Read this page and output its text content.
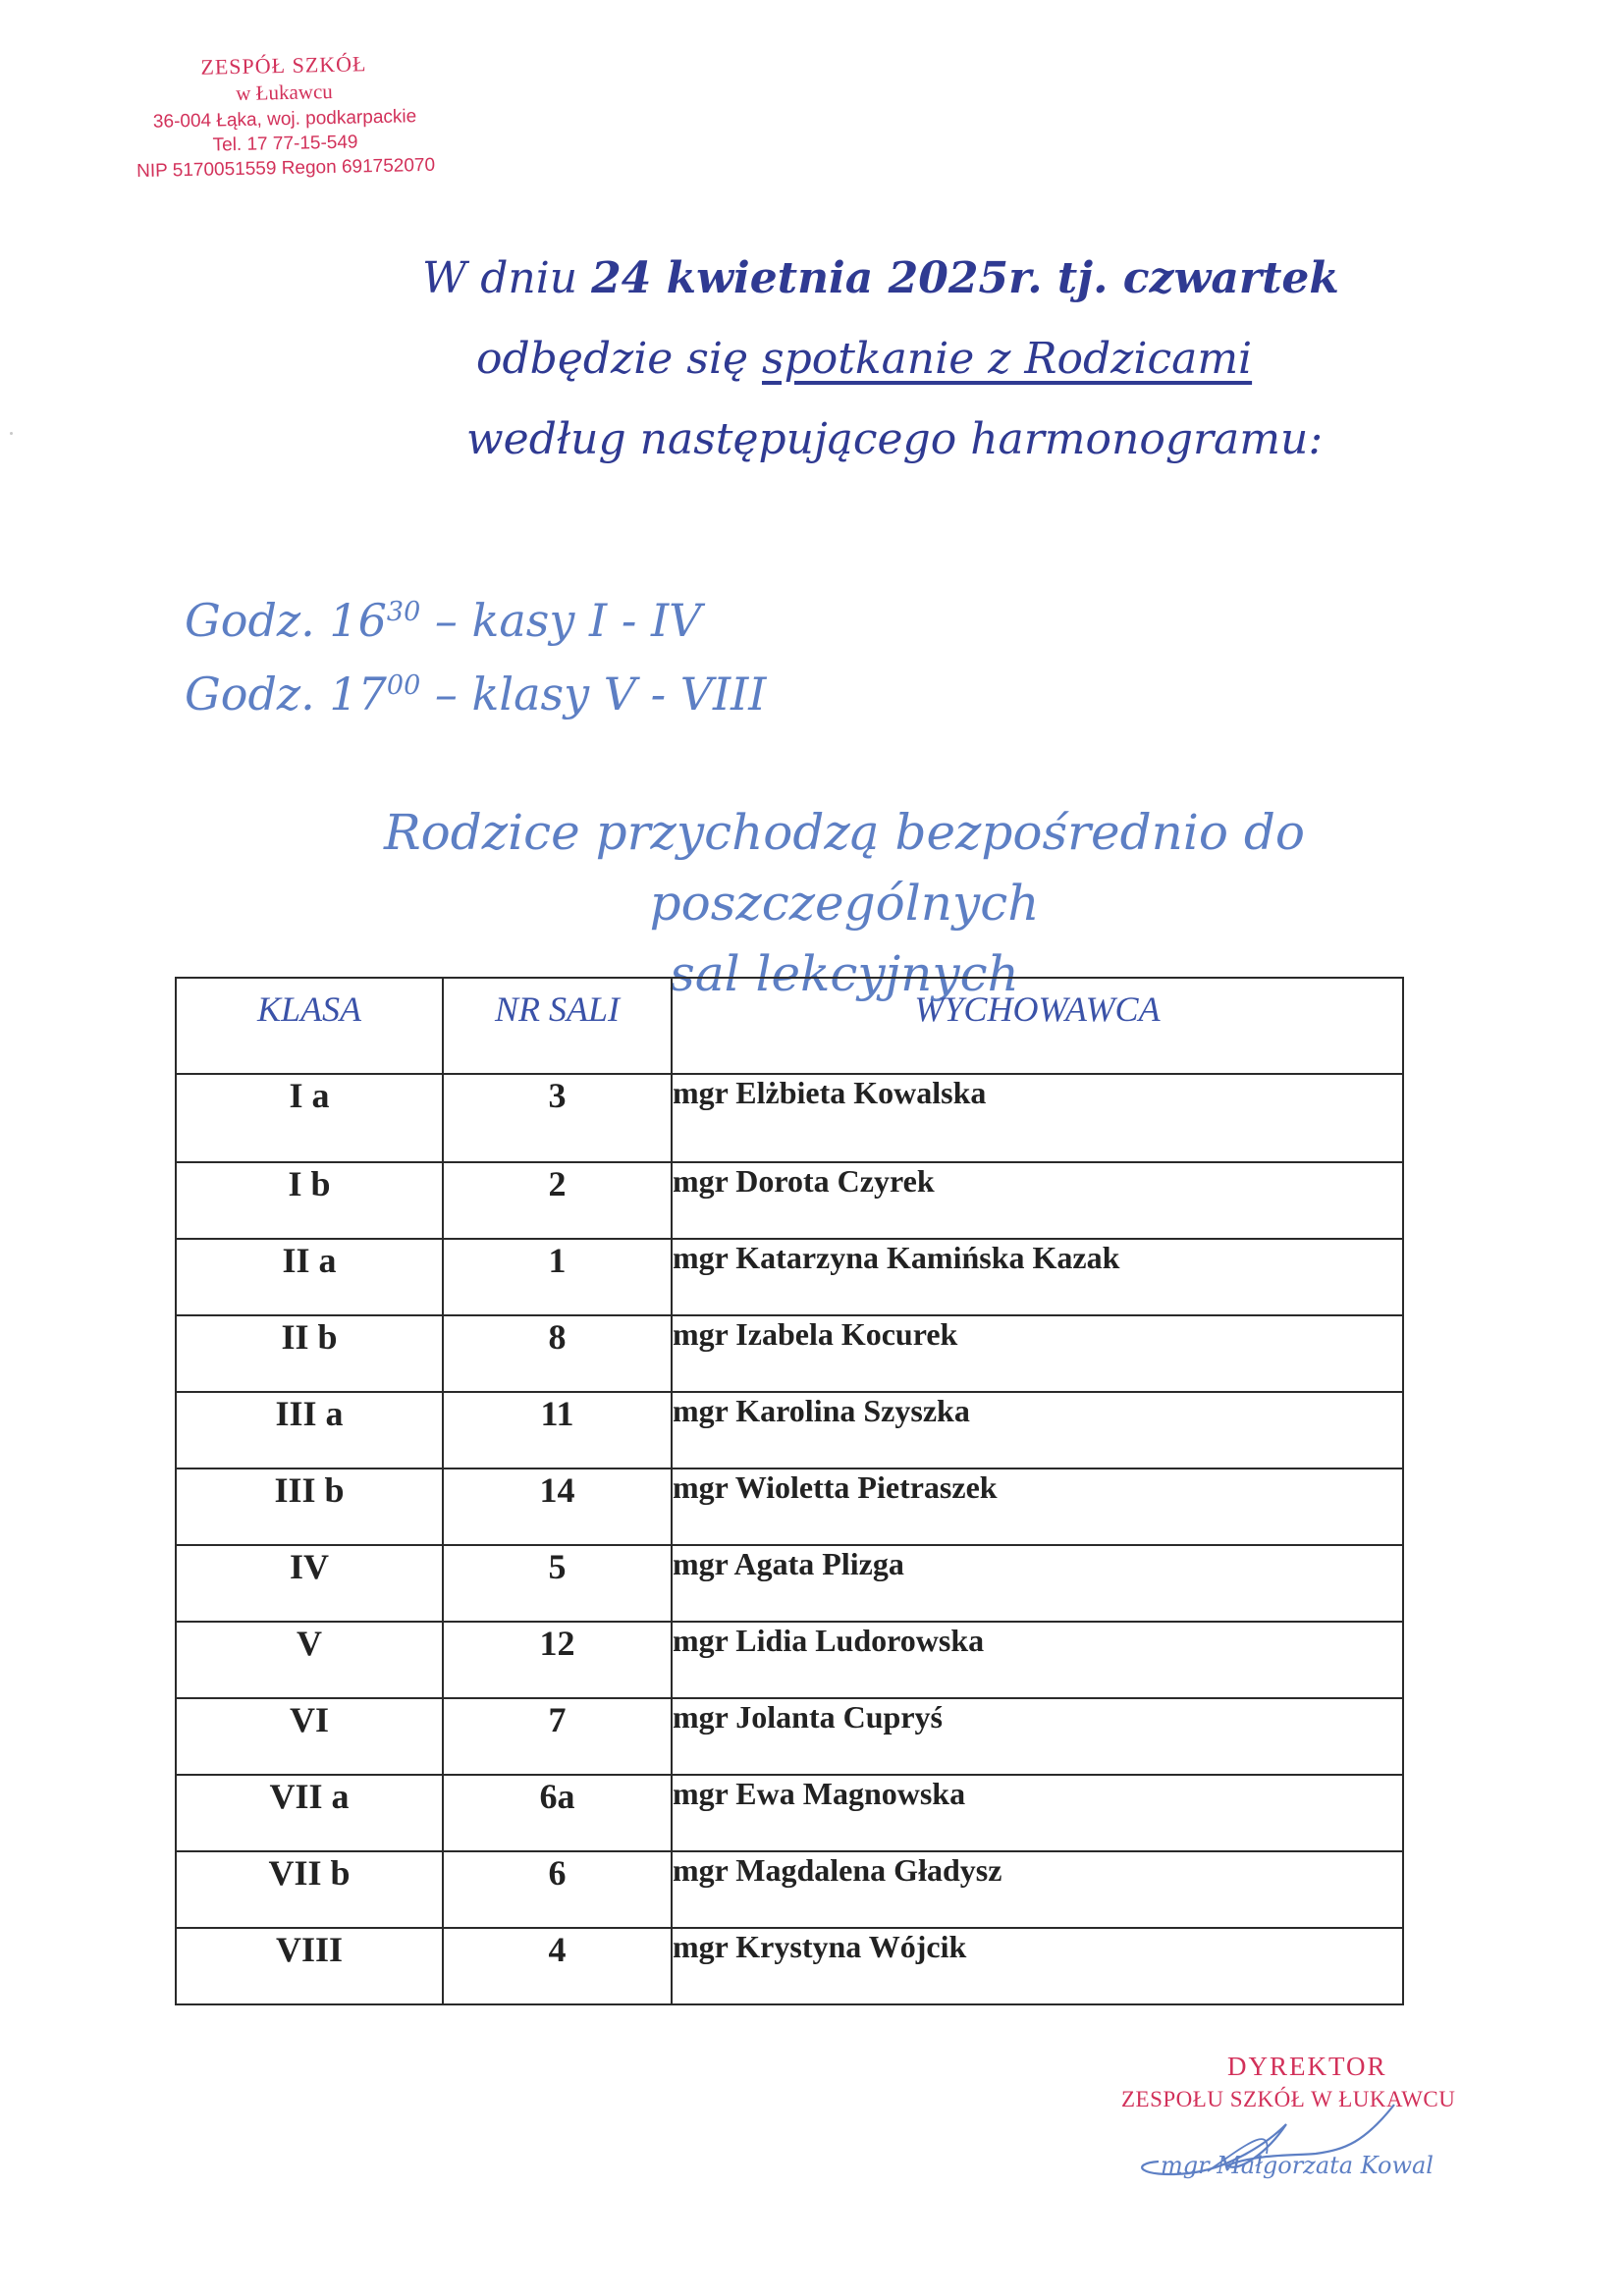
ZESPÓŁ SZKÓŁ
w Łukawcu
36-004 Łąka, woj. podkarpackie
Tel. 17 77-15-549
NIP 5170051559 Regon 691752070
W dniu 24 kwietnia 2025r. tj. czwartek
odbędzie się spotkanie z Rodzicami
według następującego harmonogramu:
Godz. $16^{30}$ – kasy I - IV
Godz. $17^{00}$ – klasy V - VIII
Rodzice przychodzą bezpośrednio do poszczególnych
sal lekcyjnych
KLASA	NR SALI	WYCHOWAWCA
I a	3	mgr Elżbieta Kowalska
I b	2	mgr Dorota Czyrek
II a	1	mgr Katarzyna Kamińska Kazak
II b	8	mgr Izabela Kocurek
III a	11	mgr Karolina Szyszka
III b	14	mgr Wioletta Pietraszek
IV	5	mgr Agata Plizga
V	12	mgr Lidia Ludorowska
VI	7	mgr Jolanta Cupryś
VII a	6a	mgr Ewa Magnowska
VII b	6	mgr Magdalena Gładysz
VIII	4	mgr Krystyna Wójcik
DYREKTOR
ZESPOŁU SZKÓŁ W ŁUKAWCU
mgr Małgorzata Kowal
